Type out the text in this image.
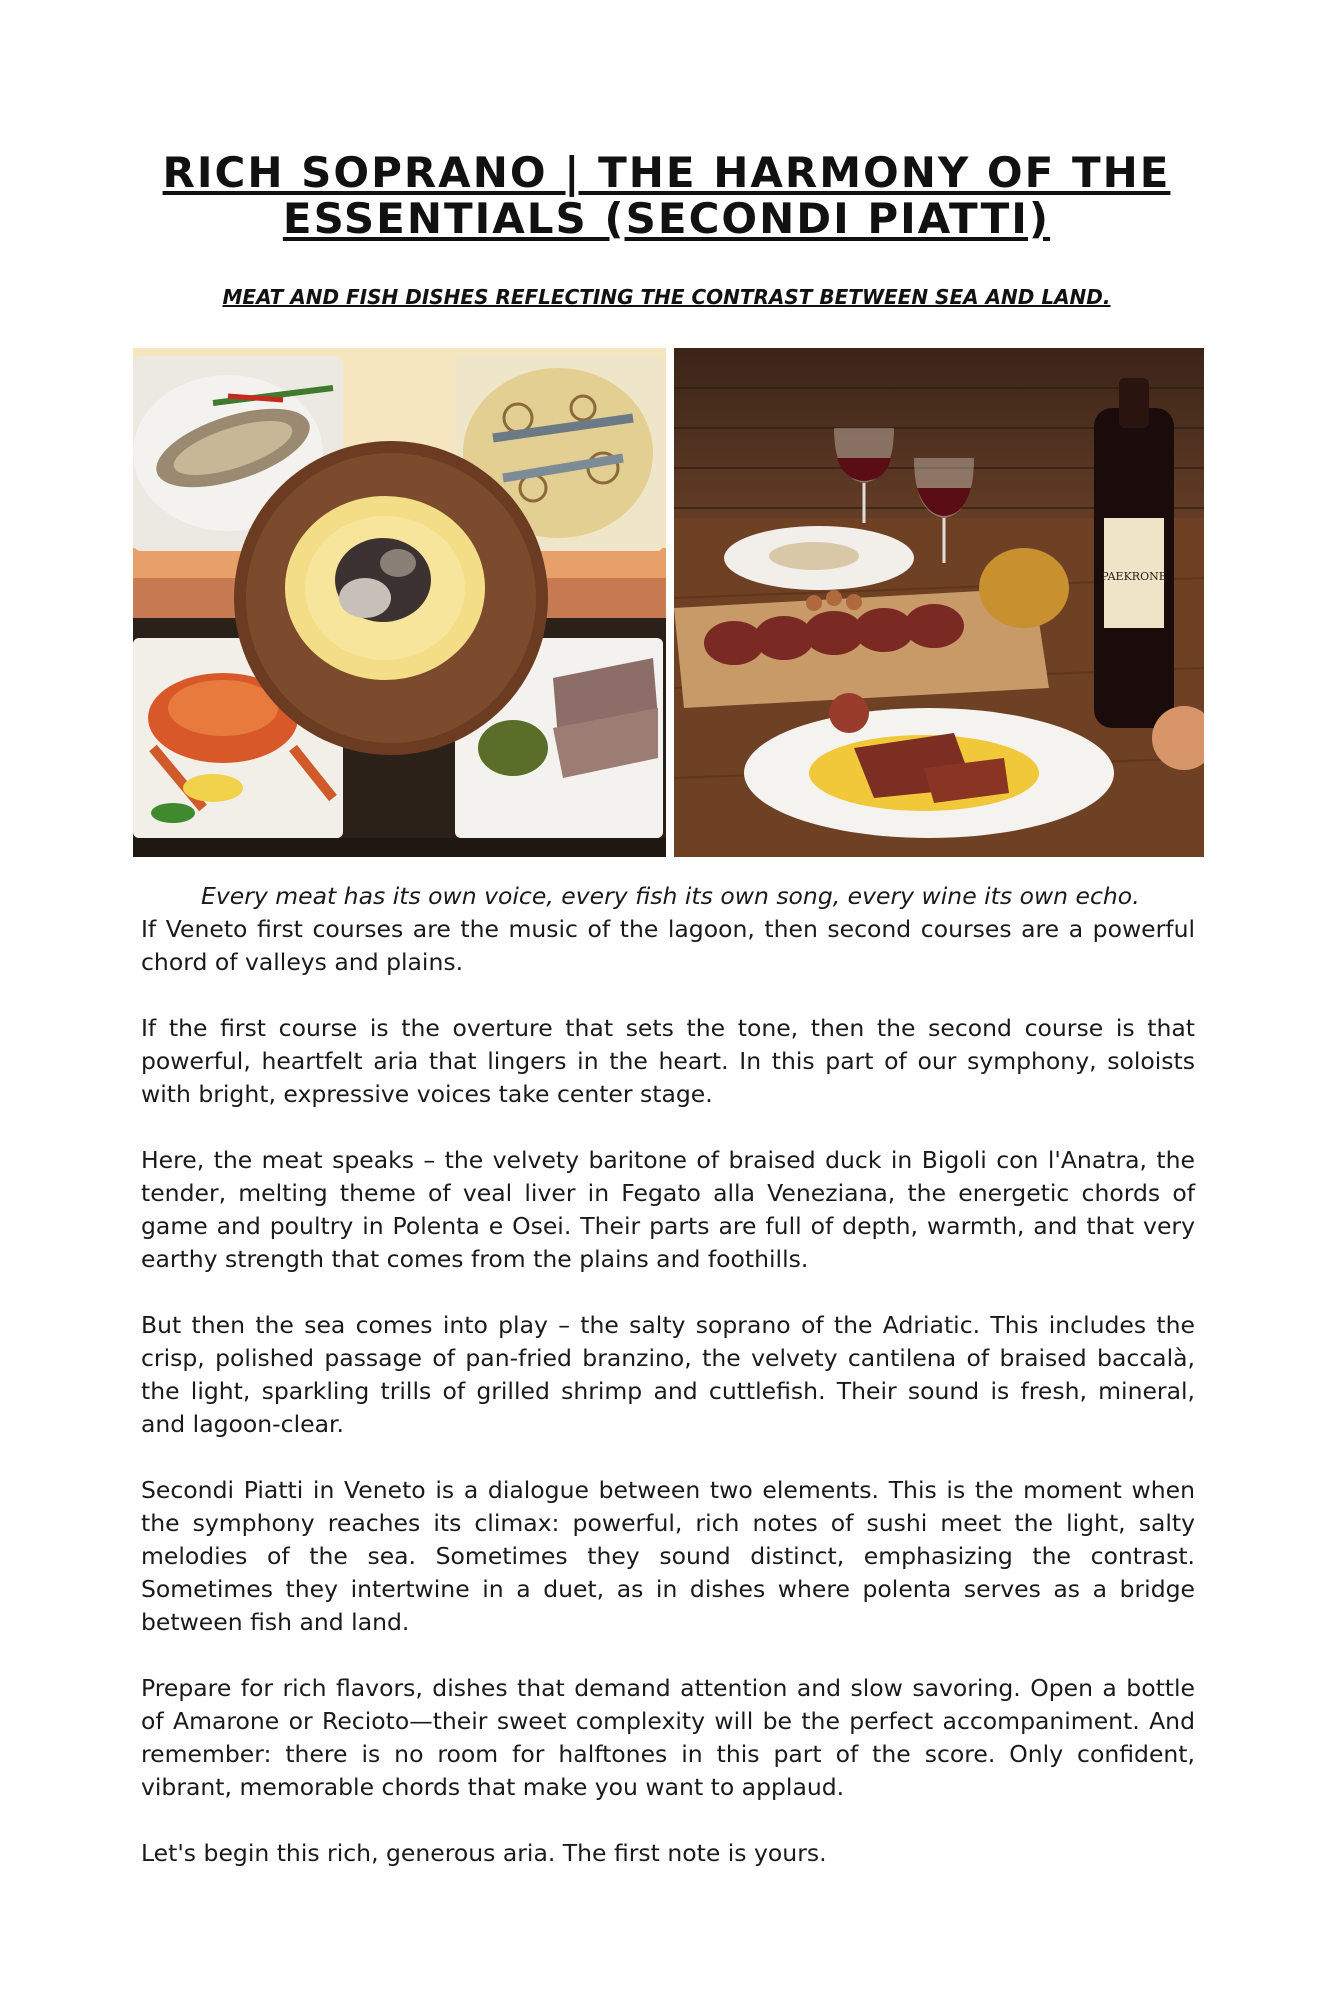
RICH SOPRANO | THE HARMONY OF THE ESSENTIALS (SECONDI PIATTI)
MEAT AND FISH DISHES REFLECTING THE CONTRAST BETWEEN SEA AND LAND.
PAEKRONE

Every meat has its own voice, every fish its own song, every wine its own echo.

If Veneto first courses are the music of the lagoon, then second courses are a powerful chord of valleys and plains.

If the first course is the overture that sets the tone, then the second course is that powerful, heartfelt aria that lingers in the heart. In this part of our symphony, soloists with bright, expressive voices take center stage.

Here, the meat speaks – the velvety baritone of braised duck in Bigoli con l'Anatra, the tender, melting theme of veal liver in Fegato alla Veneziana, the energetic chords of game and poultry in Polenta e Osei. Their parts are full of depth, warmth, and that very earthy strength that comes from the plains and foothills.

But then the sea comes into play – the salty soprano of the Adriatic. This includes the crisp, polished passage of pan-fried branzino, the velvety cantilena of braised baccalà, the light, sparkling trills of grilled shrimp and cuttlefish. Their sound is fresh, mineral, and lagoon-clear.

Secondi Piatti in Veneto is a dialogue between two elements. This is the moment when the symphony reaches its climax: powerful, rich notes of sushi meet the light, salty melodies of the sea. Sometimes they sound distinct, emphasizing the contrast. Sometimes they intertwine in a duet, as in dishes where polenta serves as a bridge between fish and land.

Prepare for rich flavors, dishes that demand attention and slow savoring. Open a bottle of Amarone or Recioto—their sweet complexity will be the perfect accompaniment. And remember: there is no room for halftones in this part of the score. Only confident, vibrant, memorable chords that make you want to applaud.

Let's begin this rich, generous aria. The first note is yours.
